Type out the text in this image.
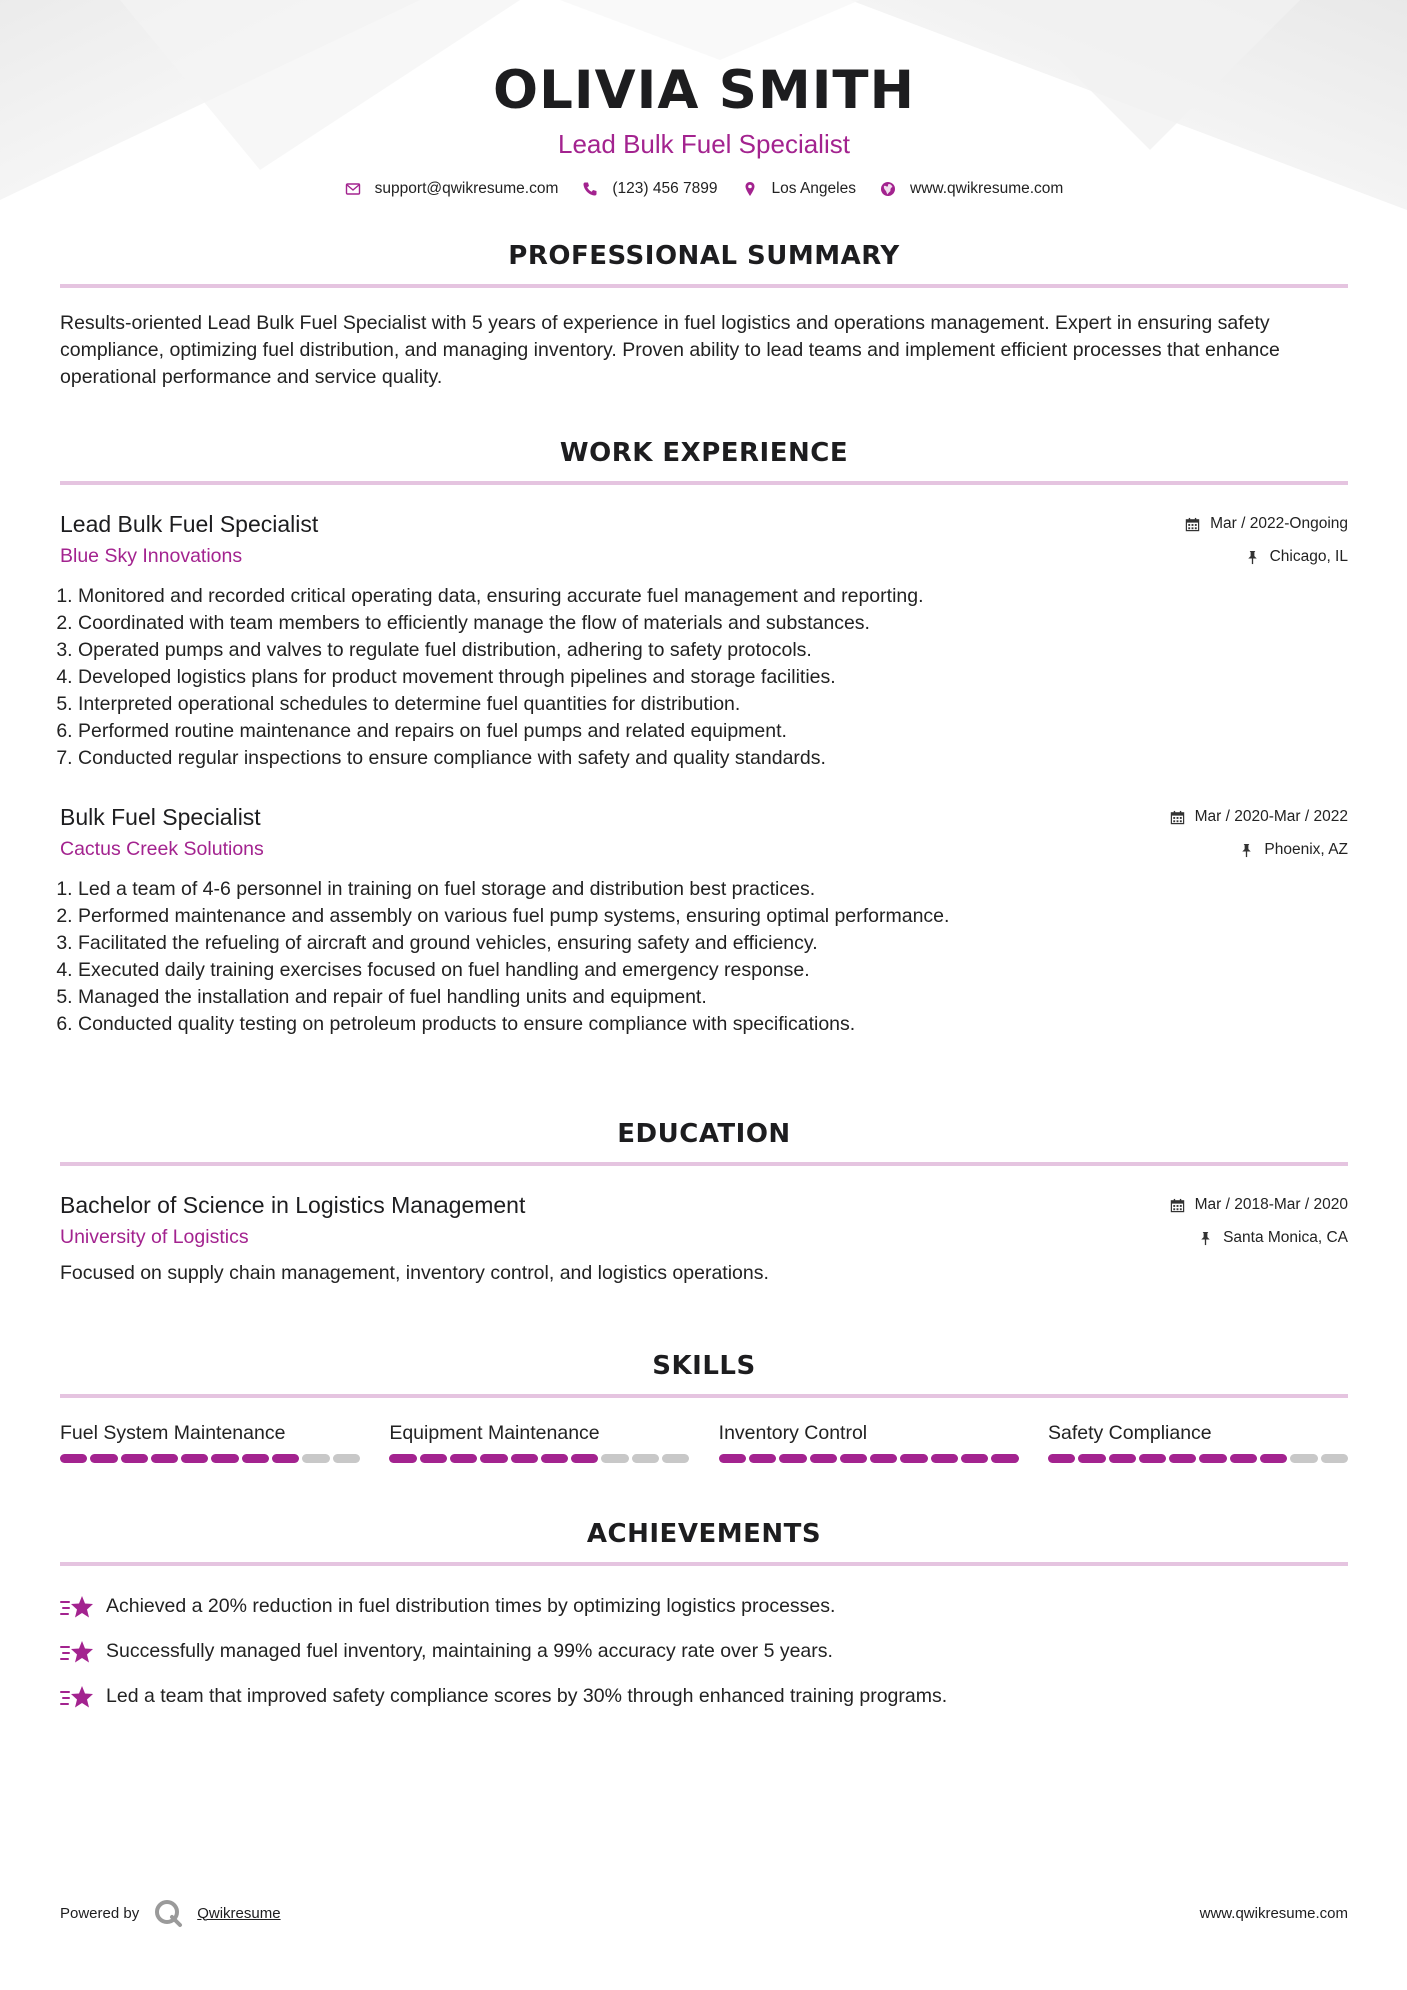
OLIVIA SMITH
Lead Bulk Fuel Specialist
support@qwikresume.com	(123) 456 7899	Los Angeles	www.qwikresume.com
PROFESSIONAL SUMMARY

Results-oriented Lead Bulk Fuel Specialist with 5 years of experience in fuel logistics and operations management. Expert in ensuring safety compliance, optimizing fuel distribution, and managing inventory. Proven ability to lead teams and implement efficient processes that enhance operational performance and service quality.

WORK EXPERIENCE
Lead Bulk Fuel Specialist
Blue Sky Innovations
Mar / 2022-Ongoing
Chicago, IL
1. Monitored and recorded critical operating data, ensuring accurate fuel management and reporting.
2. Coordinated with team members to efficiently manage the flow of materials and substances.
3. Operated pumps and valves to regulate fuel distribution, adhering to safety protocols.
4. Developed logistics plans for product movement through pipelines and storage facilities.
5. Interpreted operational schedules to determine fuel quantities for distribution.
6. Performed routine maintenance and repairs on fuel pumps and related equipment.
7. Conducted regular inspections to ensure compliance with safety and quality standards.
Bulk Fuel Specialist
Cactus Creek Solutions
Mar / 2020-Mar / 2022
Phoenix, AZ
1. Led a team of 4-6 personnel in training on fuel storage and distribution best practices.
2. Performed maintenance and assembly on various fuel pump systems, ensuring optimal performance.
3. Facilitated the refueling of aircraft and ground vehicles, ensuring safety and efficiency.
4. Executed daily training exercises focused on fuel handling and emergency response.
5. Managed the installation and repair of fuel handling units and equipment.
6. Conducted quality testing on petroleum products to ensure compliance with specifications.
EDUCATION
Bachelor of Science in Logistics Management
University of Logistics
Mar / 2018-Mar / 2020
Santa Monica, CA
Focused on supply chain management, inventory control, and logistics operations.
SKILLS
Fuel System Maintenance	Equipment Maintenance	Inventory Control	Safety Compliance
ACHIEVEMENTS
Achieved a 20% reduction in fuel distribution times by optimizing logistics processes.
Successfully managed fuel inventory, maintaining a 99% accuracy rate over 5 years.
Led a team that improved safety compliance scores by 30% through enhanced training programs.
Powered by	Qwikresume	www.qwikresume.com
